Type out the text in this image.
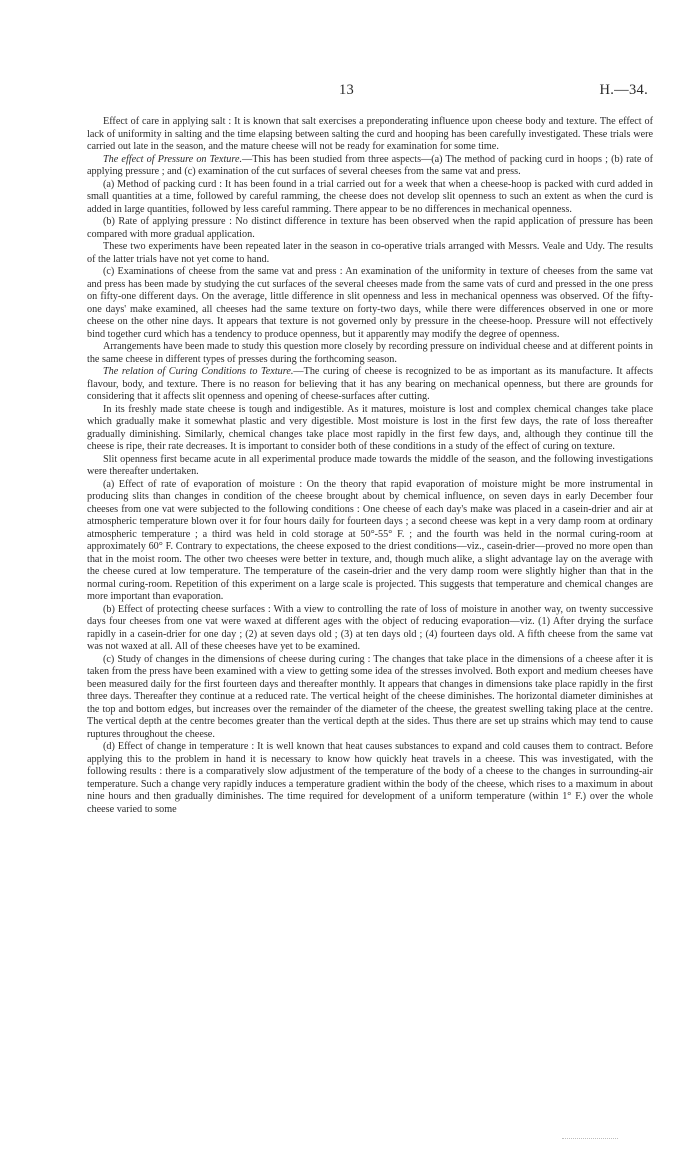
13	H.—34.

Effect of care in applying salt : It is known that salt exercises a preponderating influence upon cheese body and texture. The effect of lack of uniformity in salting and the time elapsing between salting the curd and hooping has been carefully investigated. These trials were carried out late in the season, and the mature cheese will not be ready for examination for some time.

The effect of Pressure on Texture.—This has been studied from three aspects—(a) The method of packing curd in hoops ; (b) rate of applying pressure ; and (c) examination of the cut surfaces of several cheeses from the same vat and press.

(a) Method of packing curd : It has been found in a trial carried out for a week that when a cheese-hoop is packed with curd added in small quantities at a time, followed by careful ramming, the cheese does not develop slit openness to such an extent as when the curd is added in large quantities, followed by less careful ramming. There appear to be no differences in mechanical openness.

(b) Rate of applying pressure : No distinct difference in texture has been observed when the rapid application of pressure has been compared with more gradual application.

These two experiments have been repeated later in the season in co-operative trials arranged with Messrs. Veale and Udy. The results of the latter trials have not yet come to hand.

(c) Examinations of cheese from the same vat and press : An examination of the uniformity in texture of cheeses from the same vat and press has been made by studying the cut surfaces of the several cheeses made from the same vats of curd and pressed in the one press on fifty-one different days. On the average, little difference in slit openness and less in mechanical openness was observed. Of the fifty-one days' make examined, all cheeses had the same texture on forty-two days, while there were differences observed in one or more cheese on the other nine days. It appears that texture is not governed only by pressure in the cheese-hoop. Pressure will not effectively bind together curd which has a tendency to produce openness, but it apparently may modify the degree of openness.

Arrangements have been made to study this question more closely by recording pressure on individual cheese and at different points in the same cheese in different types of presses during the forthcoming season.

The relation of Curing Conditions to Texture.—The curing of cheese is recognized to be as important as its manufacture. It affects flavour, body, and texture. There is no reason for believing that it has any bearing on mechanical openness, but there are grounds for considering that it affects slit openness and opening of cheese-surfaces after cutting.

In its freshly made state cheese is tough and indigestible. As it matures, moisture is lost and complex chemical changes take place which gradually make it somewhat plastic and very digestible. Most moisture is lost in the first few days, the rate of loss thereafter gradually diminishing. Similarly, chemical changes take place most rapidly in the first few days, and, although they continue till the cheese is ripe, their rate decreases. It is important to consider both of these conditions in a study of the effect of curing on texture.

Slit openness first became acute in all experimental produce made towards the middle of the season, and the following investigations were thereafter undertaken.

(a) Effect of rate of evaporation of moisture : On the theory that rapid evaporation of moisture might be more instrumental in producing slits than changes in condition of the cheese brought about by chemical influence, on seven days in early December four cheeses from one vat were subjected to the following conditions : One cheese of each day's make was placed in a casein-drier and air at atmospheric temperature blown over it for four hours daily for fourteen days ; a second cheese was kept in a very damp room at ordinary atmospheric temperature ; a third was held in cold storage at 50°-55° F. ; and the fourth was held in the normal curing-room at approximately 60° F. Contrary to expectations, the cheese exposed to the driest conditions—viz., casein-drier—proved no more open than that in the moist room. The other two cheeses were better in texture, and, though much alike, a slight advantage lay on the average with the cheese cured at low temperature. The temperature of the casein-drier and the very damp room were slightly higher than that in the normal curing-room. Repetition of this experiment on a large scale is projected. This suggests that temperature and chemical changes are more important than evaporation.

(b) Effect of protecting cheese surfaces : With a view to controlling the rate of loss of moisture in another way, on twenty successive days four cheeses from one vat were waxed at different ages with the object of reducing evaporation—viz. (1) After drying the surface rapidly in a casein-drier for one day ; (2) at seven days old ; (3) at ten days old ; (4) fourteen days old. A fifth cheese from the same vat was not waxed at all. All of these cheeses have yet to be examined.

(c) Study of changes in the dimensions of cheese during curing : The changes that take place in the dimensions of a cheese after it is taken from the press have been examined with a view to getting some idea of the stresses involved. Both export and medium cheeses have been measured daily for the first fourteen days and thereafter monthly. It appears that changes in dimensions take place rapidly in the first three days. Thereafter they continue at a reduced rate. The vertical height of the cheese diminishes. The horizontal diameter diminishes at the top and bottom edges, but increases over the remainder of the diameter of the cheese, the greatest swelling taking place at the centre. The vertical depth at the centre becomes greater than the vertical depth at the sides. Thus there are set up strains which may tend to cause ruptures throughout the cheese.

(d) Effect of change in temperature : It is well known that heat causes substances to expand and cold causes them to contract. Before applying this to the problem in hand it is necessary to know how quickly heat travels in a cheese. This was investigated, with the following results : there is a comparatively slow adjustment of the temperature of the body of a cheese to the changes in surrounding-air temperature. Such a change very rapidly induces a temperature gradient within the body of the cheese, which rises to a maximum in about nine hours and then gradually diminishes. The time required for development of a uniform temperature (within 1° F.) over the whole cheese varied to some
